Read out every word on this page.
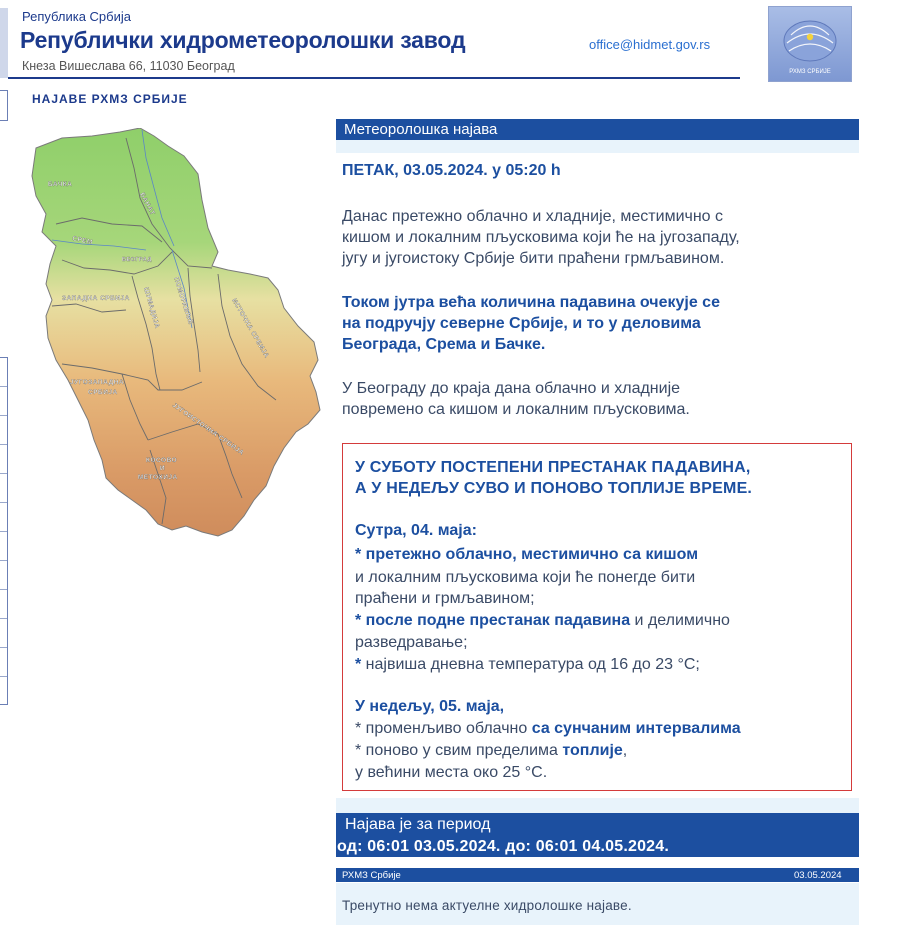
Република Србија
Републички хидрометеоролошки завод
Кнеза Вишеслава 66, 11030 Београд
office@hidmet.gov.rs
РХМЗ СРБИЈЕ
НАЈАВЕ РХМЗ СРБИЈЕ
БАЧКА
БАНАТ
СРЕМ
БЕОГРАД
ЗАПАДНА СРБИЈА ШУМАДИЈА ПОМОРАВЉЕ	ИСТОЧНА СРБИЈА
ЈУГОЗАПАДНА
СРБИЈА
ЈУГОИСТОЧНА СРБИЈА
КОСОВО
И
МЕТОХИЈА
Метеоролошка најава
ПЕТАК, 03.05.2024. у 05:20 h
Данас претежно облачно и хладније, местимично с
кишом и локалним пљусковима који ће на југозападу,
југу и југоистоку Србије бити праћени грмљавином.
Током јутра већа количина падавина очекује се
на подручју северне Србије, и то у деловима
Београда, Срема и Бачке.
У Београду до краја дана облачно и хладније
повремено са кишом и локалним пљусковима.
У СУБОТУ ПОСТЕПЕНИ ПРЕСТАНАК ПАДАВИНА,
А У НЕДЕЉУ СУВО И ПОНОВО ТОПЛИЈЕ ВРЕМЕ.
Сутра, 04. маја:
* претежно облачно, местимично са кишом
и локалним пљусковима који ће понегде бити
праћени и грмљавином;
* после подне престанак падавина и делимично
разведравање;
* највиша дневна температура од 16 до 23 °C;
У недељу, 05. маја,
* променљиво облачно са сунчаним интервалима
* поново у свим пределима топлије,
у већини места око 25 °C.
Најава је за период
од: 06:01 03.05.2024. до: 06:01 04.05.2024.
РХМЗ Србије	03.05.2024
Тренутно нема актуелне хидролошке најаве.
